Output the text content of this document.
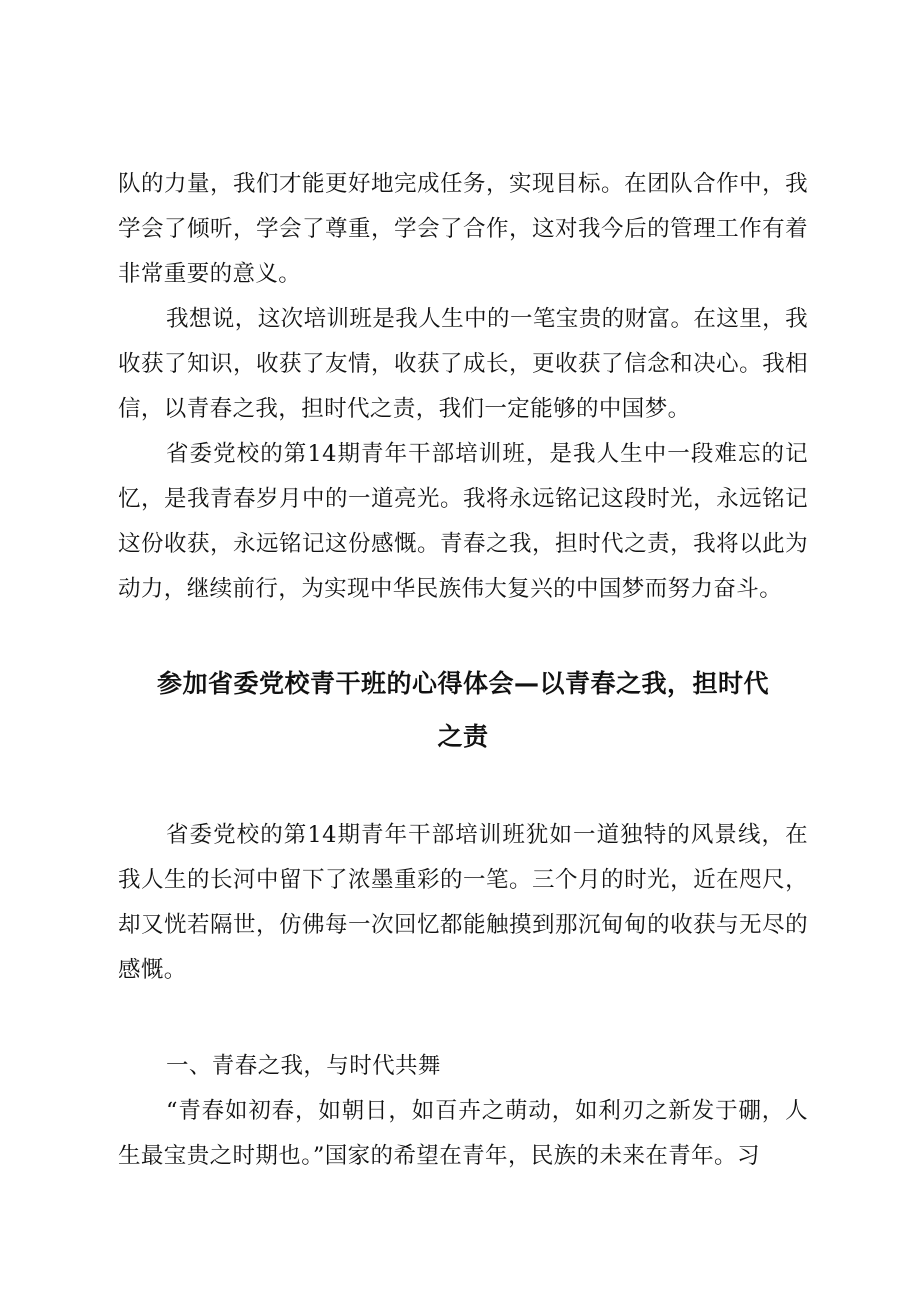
队的力量，我们才能更好地完成任务，实现目标。在团队合作中，我学会了倾听，学会了尊重，学会了合作，这对我今后的管理工作有着非常重要的意义。

我想说，这次培训班是我人生中的一笔宝贵的财富。在这里，我收获了知识，收获了友情，收获了成长，更收获了信念和决心。我相信，以青春之我，担时代之责，我们一定能够的中国梦。

省委党校的第14期青年干部培训班，是我人生中一段难忘的记忆，是我青春岁月中的一道亮光。我将永远铭记这段时光，永远铭记这份收获，永远铭记这份感慨。青春之我，担时代之责，我将以此为动力，继续前行，为实现中华民族伟大复兴的中国梦而努力奋斗。

参加省委党校青干班的心得体会—以青春之我，担时代之责

省委党校的第14期青年干部培训班犹如一道独特的风景线，在我人生的长河中留下了浓墨重彩的一笔。三个月的时光，近在咫尺，却又恍若隔世，仿佛每一次回忆都能触摸到那沉甸甸的收获与无尽的感慨。

一、青春之我，与时代共舞

“青春如初春，如朝日，如百卉之萌动，如利刃之新发于硼，人生最宝贵之时期也。”国家的希望在青年，民族的未来在青年。习
